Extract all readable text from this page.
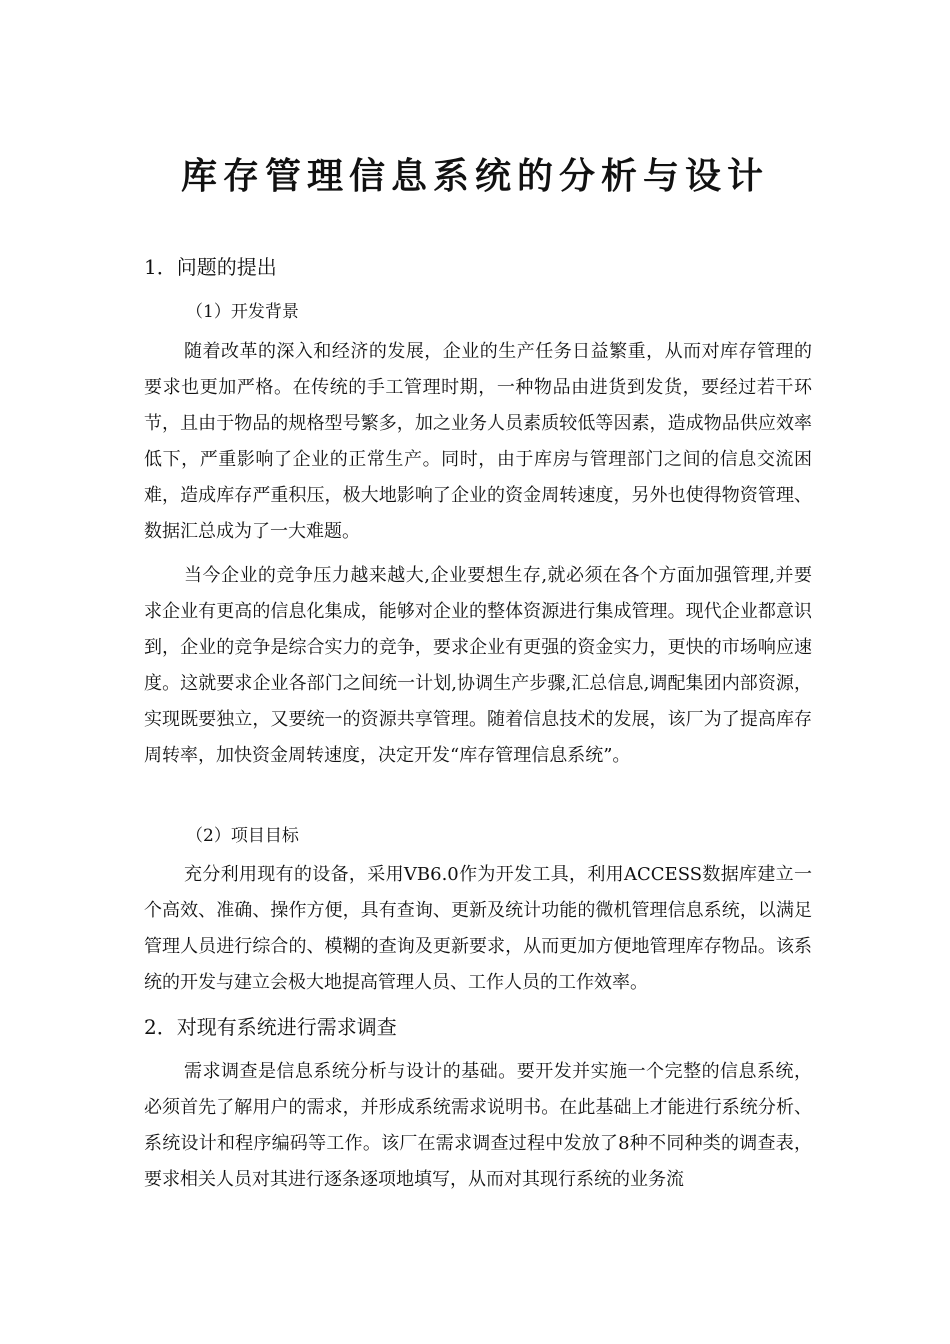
库存管理信息系统的分析与设计
1．问题的提出
（1）开发背景
随着改革的深入和经济的发展，企业的生产任务日益繁重，从而对库存管理的要求也更加严格。在传统的手工管理时期，一种物品由进货到发货，要经过若干环节，且由于物品的规格型号繁多，加之业务人员素质较低等因素，造成物品供应效率低下，严重影响了企业的正常生产。同时，由于库房与管理部门之间的信息交流困难，造成库存严重积压，极大地影响了企业的资金周转速度，另外也使得物资管理、数据汇总成为了一大难题。
当今企业的竞争压力越来越大,企业要想生存,就必须在各个方面加强管理,并要求企业有更高的信息化集成，能够对企业的整体资源进行集成管理。现代企业都意识到，企业的竞争是综合实力的竞争，要求企业有更强的资金实力，更快的市场响应速度。这就要求企业各部门之间统一计划,协调生产步骤,汇总信息,调配集团内部资源，实现既要独立，又要统一的资源共享管理。随着信息技术的发展，该厂为了提高库存周转率，加快资金周转速度，决定开发“库存管理信息系统”。
（2）项目目标
充分利用现有的设备，采用VB6.0作为开发工具，利用ACCESS数据库建立一个高效、准确、操作方便，具有查询、更新及统计功能的微机管理信息系统，以满足管理人员进行综合的、模糊的查询及更新要求，从而更加方便地管理库存物品。该系统的开发与建立会极大地提高管理人员、工作人员的工作效率。
2．对现有系统进行需求调查
需求调查是信息系统分析与设计的基础。要开发并实施一个完整的信息系统，必须首先了解用户的需求，并形成系统需求说明书。在此基础上才能进行系统分析、系统设计和程序编码等工作。该厂在需求调查过程中发放了8种不同种类的调查表，要求相关人员对其进行逐条逐项地填写，从而对其现行系统的业务流
